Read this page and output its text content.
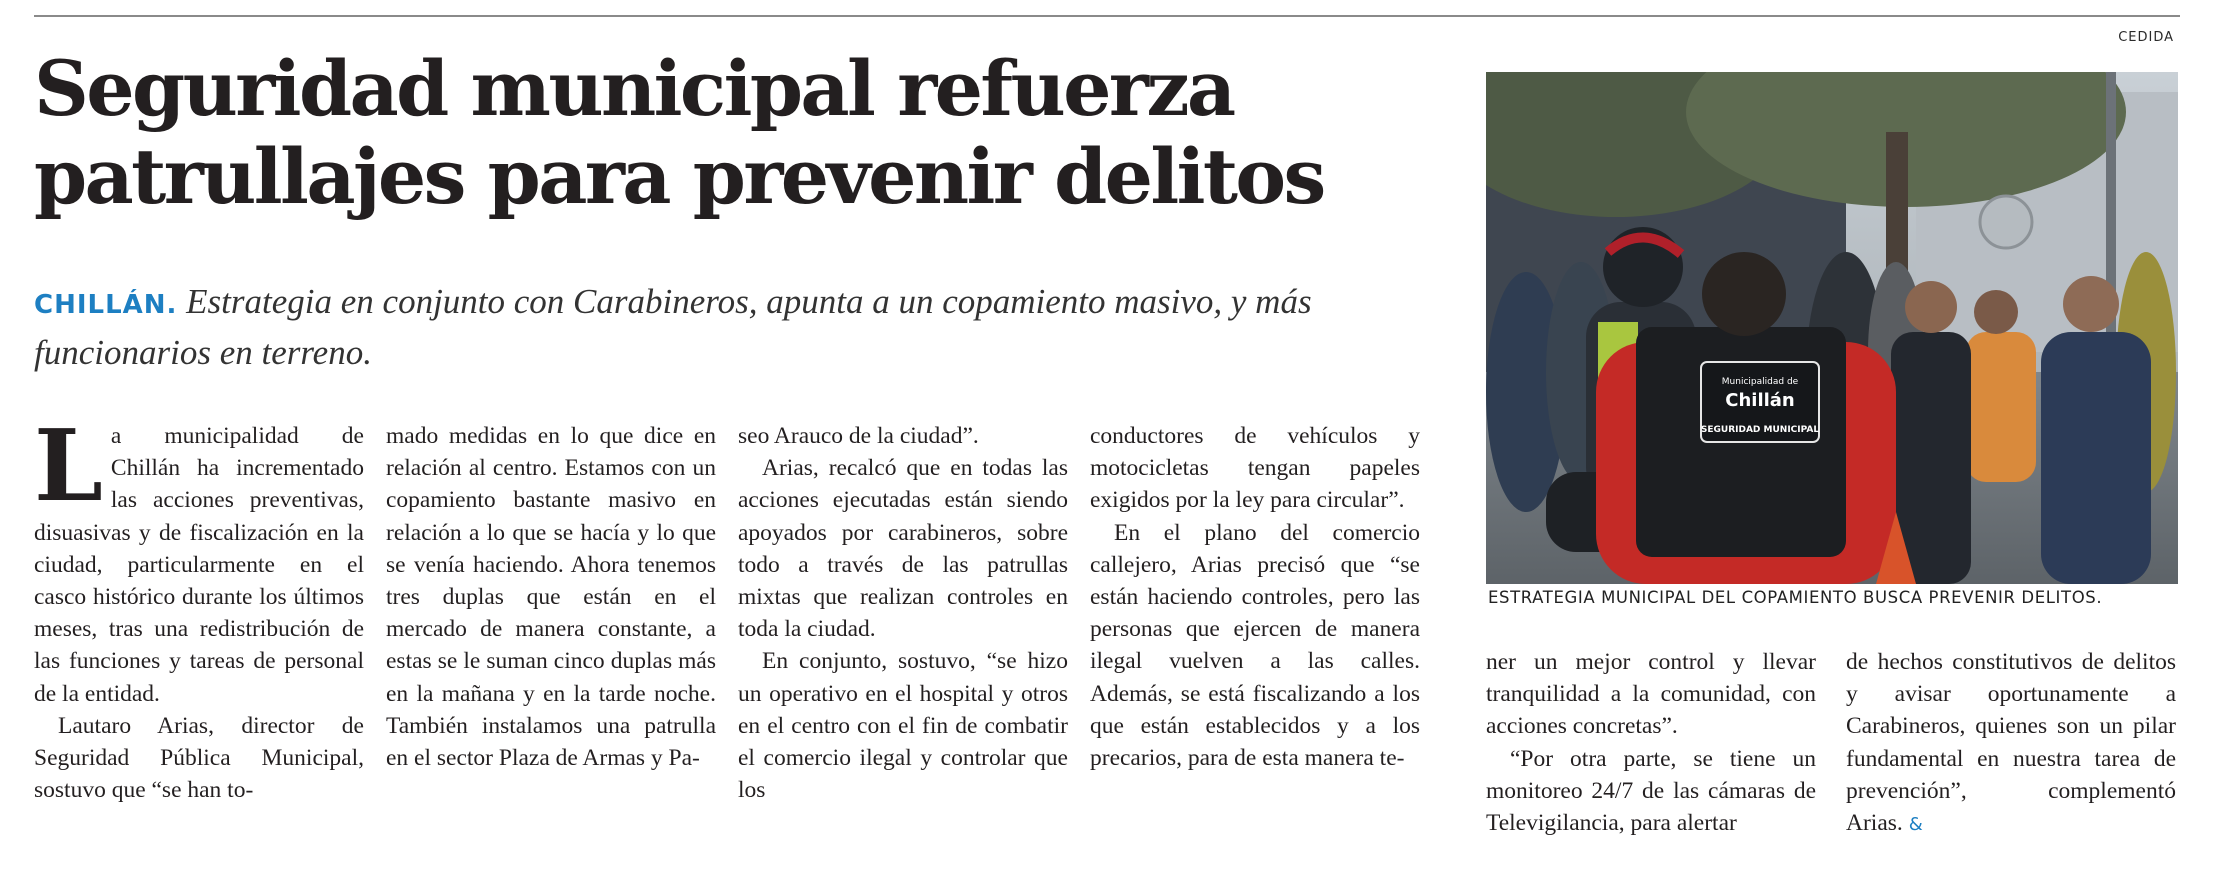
CEDIDA
Seguridad municipal refuerza
patrullajes para prevenir delitos
CHILLÁN. Estrategia en conjunto con Carabineros, apunta a un copamiento masivo, y más funcionarios en terreno.
L a municipalidad de Chillán ha incrementado las acciones preventivas, disuasivas y de fiscalización en la ciudad, particularmente en el casco histórico durante los últimos meses, tras una redistribución de las funciones y tareas de personal de la entidad.

Lautaro Arias, director de Seguridad Pública Municipal, sostuvo que “se han to-

mado medidas en lo que dice en relación al centro. Estamos con un copamiento bastante masivo en relación a lo que se hacía y lo que se venía haciendo. Ahora tenemos tres duplas que están en el mercado de manera constante, a estas se le suman cinco duplas más en la mañana y en la tarde noche. También instalamos una patrulla en el sector Plaza de Armas y Pa-

seo Arauco de la ciudad”.

Arias, recalcó que en todas las acciones ejecutadas están siendo apoyados por carabineros, sobre todo a través de las patrullas mixtas que realizan controles en toda la ciudad.

En conjunto, sostuvo, “se hizo un operativo en el hospital y otros en el centro con el fin de combatir el comercio ilegal y controlar que los

conductores de vehículos y motocicletas tengan papeles exigidos por la ley para circular”.

En el plano del comercio callejero, Arias precisó que “se están haciendo controles, pero las personas que ejercen de manera ilegal vuelven a las calles. Además, se está fiscalizando a los que están establecidos y a los precarios, para de esta manera te-

ner un mejor control y llevar tranquilidad a la comunidad, con acciones concretas”.

“Por otra parte, se tiene un monitoreo 24/7 de las cámaras de Televigilancia, para alertar

de hechos constitutivos de delitos y avisar oportunamente a Carabineros, quienes son un pilar fundamental en nuestra tarea de prevención”, complementó Arias. &

Municipalidad de
Chillán
SEGURIDAD MUNICIPAL
ESTRATEGIA MUNICIPAL DEL COPAMIENTO BUSCA PREVENIR DELITOS.
